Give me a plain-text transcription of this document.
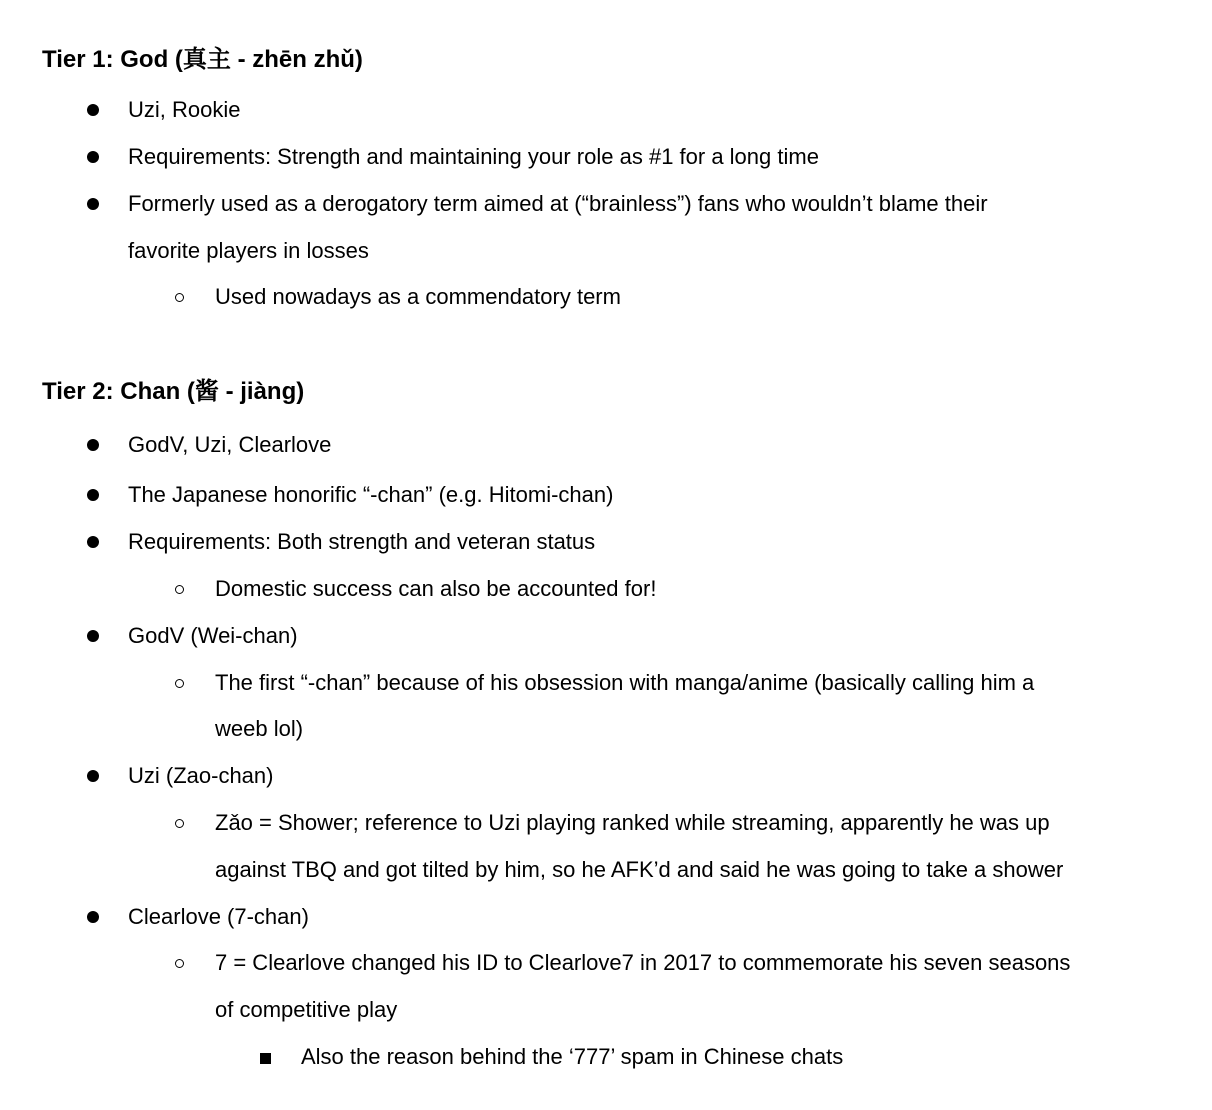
Tier 1: God (真主 - zhēn zhǔ)
Uzi, Rookie
Requirements: Strength and maintaining your role as #1 for a long time
Formerly used as a derogatory term aimed at (“brainless”) fans who wouldn’t blame their
favorite players in losses
Used nowadays as a commendatory term
Tier 2: Chan (酱 - jiàng)
GodV, Uzi, Clearlove
The Japanese honorific “-chan” (e.g. Hitomi-chan)
Requirements: Both strength and veteran status
Domestic success can also be accounted for!
GodV (Wei-chan)
The first “-chan” because of his obsession with manga/anime (basically calling him a
weeb lol)
Uzi (Zao-chan)
Zǎo = Shower; reference to Uzi playing ranked while streaming, apparently he was up
against TBQ and got tilted by him, so he AFK’d and said he was going to take a shower
Clearlove (7-chan)
7 = Clearlove changed his ID to Clearlove7 in 2017 to commemorate his seven seasons
of competitive play
Also the reason behind the ‘777’ spam in Chinese chats
